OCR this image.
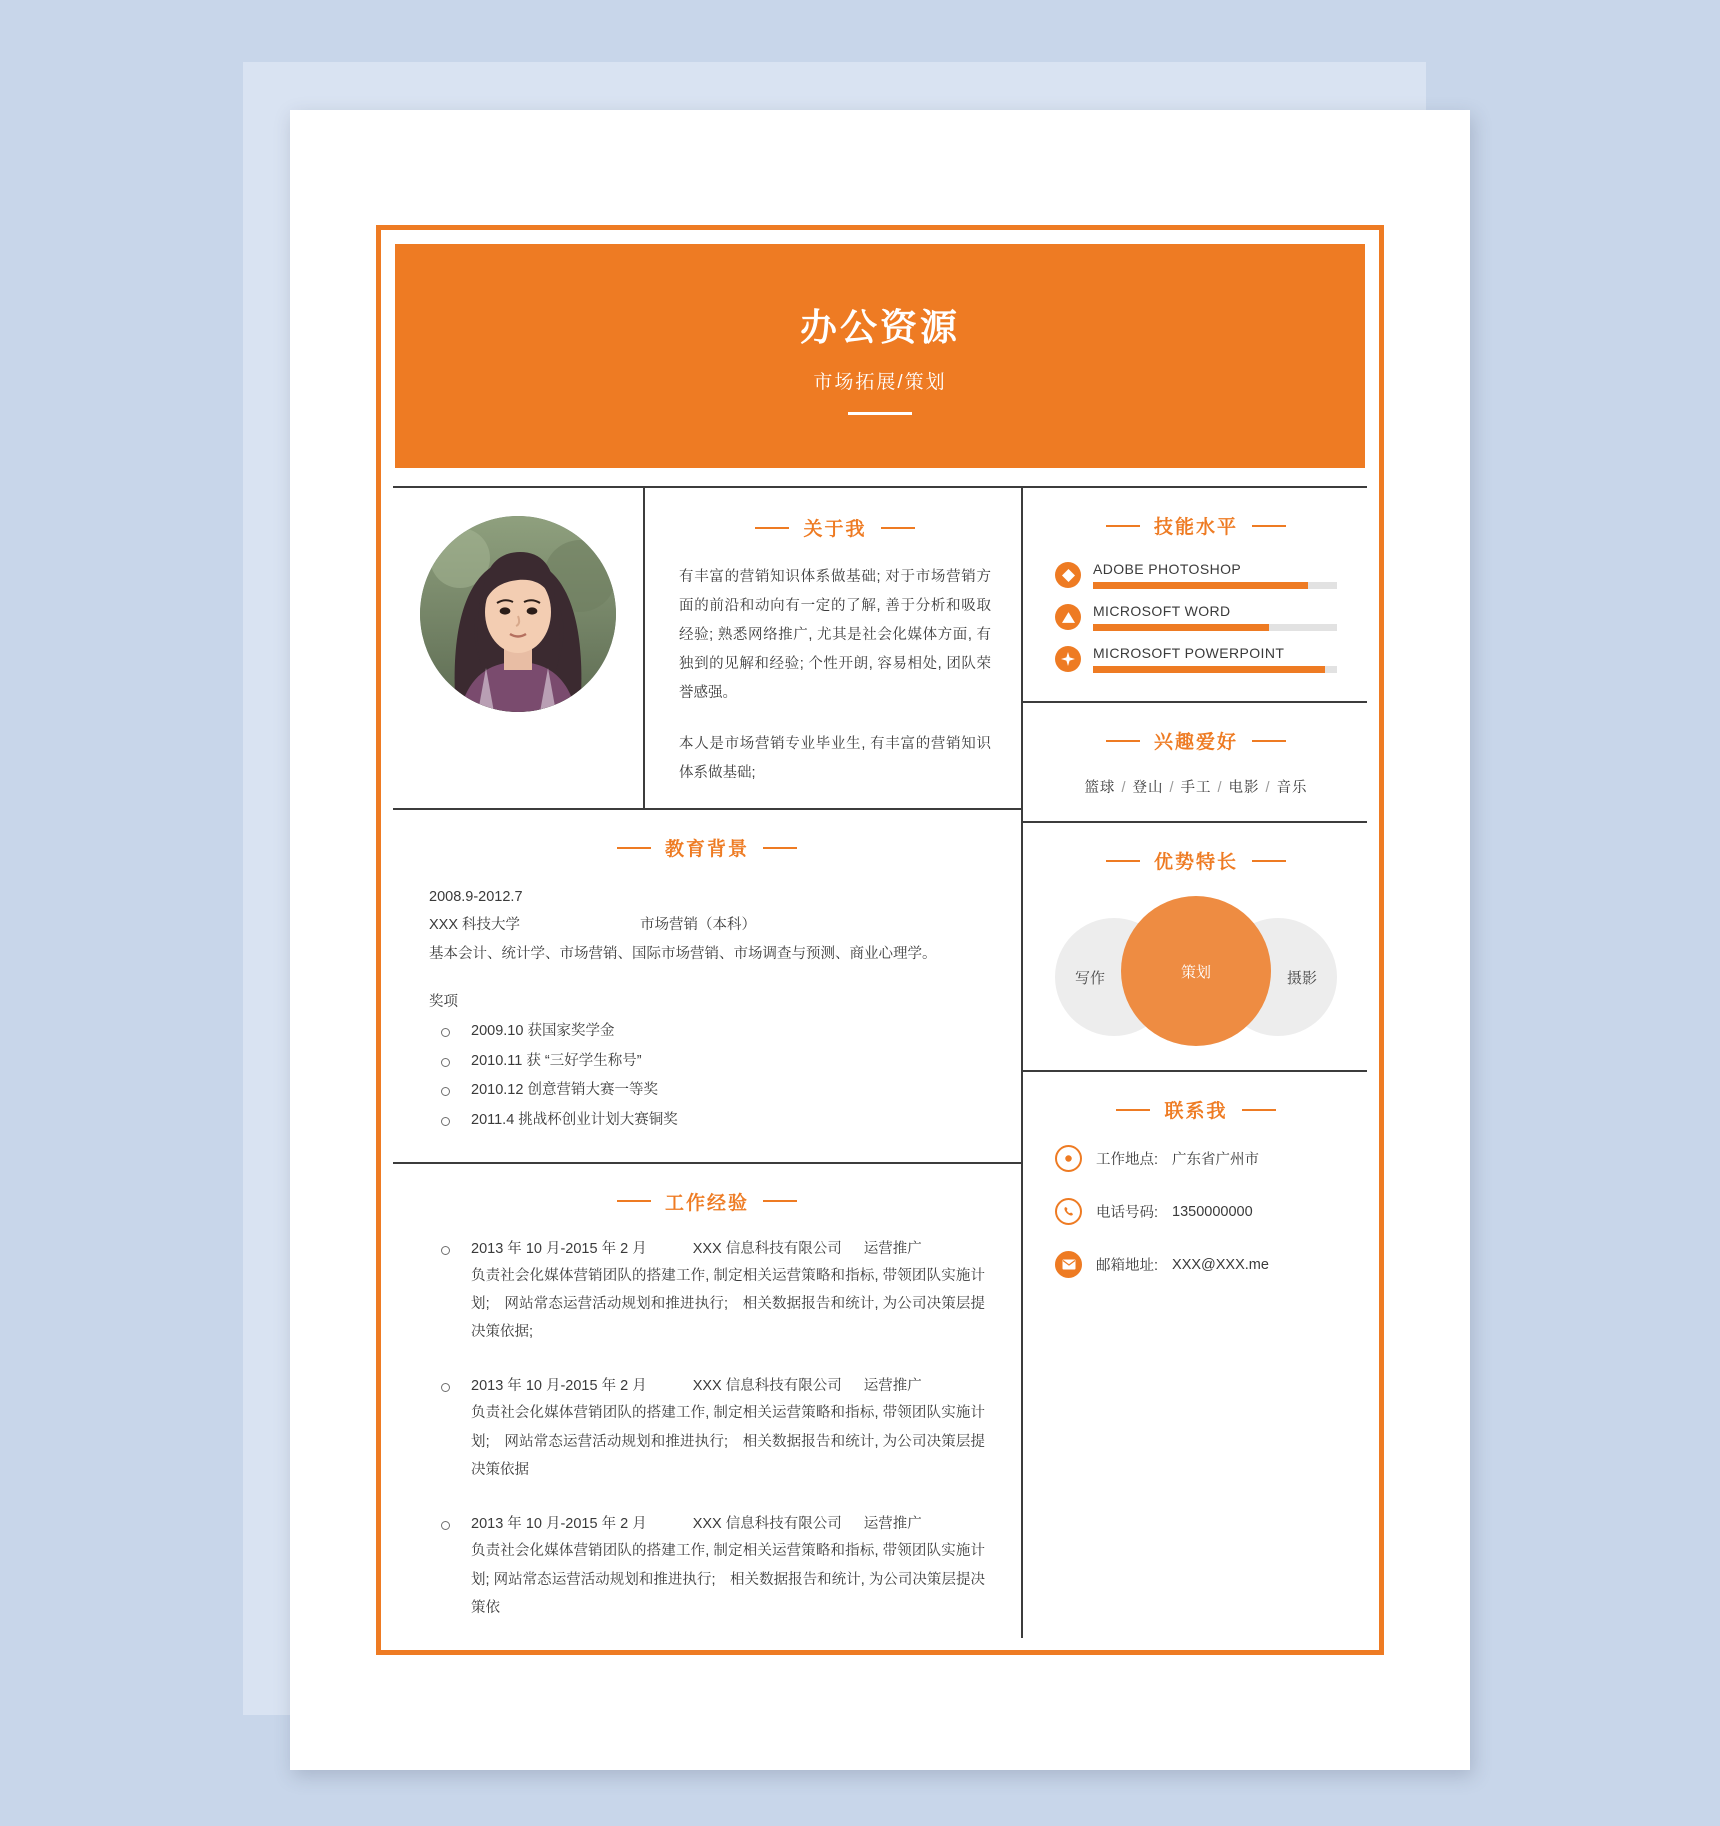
办公资源
市场拓展/策划
关于我
有丰富的营销知识体系做基础; 对于市场营销方面的前沿和动向有一定的了解, 善于分析和吸取经验; 熟悉网络推广, 尤其是社会化媒体方面, 有独到的见解和经验; 个性开朗, 容易相处, 团队荣誉感强。
本人是市场营销专业毕业生, 有丰富的营销知识体系做基础;
教育背景
2008.9-2012.7
XXX 科技大学	市场营销（本科）
基本会计、统计学、市场营销、国际市场营销、市场调查与预测、商业心理学。
奖项
2009.10 获国家奖学金
2010.11 获 “三好学生称号”
2010.12 创意营销大赛一等奖
2011.4 挑战杯创业计划大赛铜奖
工作经验
2013 年 10 月-2015 年 2 月	XXX 信息科技有限公司 运营推广
负责社会化媒体营销团队的搭建工作, 制定相关运营策略和指标, 带领团队实施计划;　网站常态运营活动规划和推进执行;　相关数据报告和统计, 为公司决策层提决策依据;
2013 年 10 月-2015 年 2 月	XXX 信息科技有限公司 运营推广
负责社会化媒体营销团队的搭建工作, 制定相关运营策略和指标, 带领团队实施计划;　网站常态运营活动规划和推进执行;　相关数据报告和统计, 为公司决策层提决策依据
2013 年 10 月-2015 年 2 月	XXX 信息科技有限公司 运营推广
负责社会化媒体营销团队的搭建工作, 制定相关运营策略和指标, 带领团队实施计划; 网站常态运营活动规划和推进执行;　相关数据报告和统计, 为公司决策层提决策依
技能水平
ADOBE PHOTOSHOP
MICROSOFT WORD
MICROSOFT POWERPOINT
兴趣爱好
篮球 / 登山 / 手工 / 电影 / 音乐
优势特长
写作	摄影
策划
联系我
工作地点: 广东省广州市
电话号码: 1350000000
邮箱地址: XXX@XXX.me
